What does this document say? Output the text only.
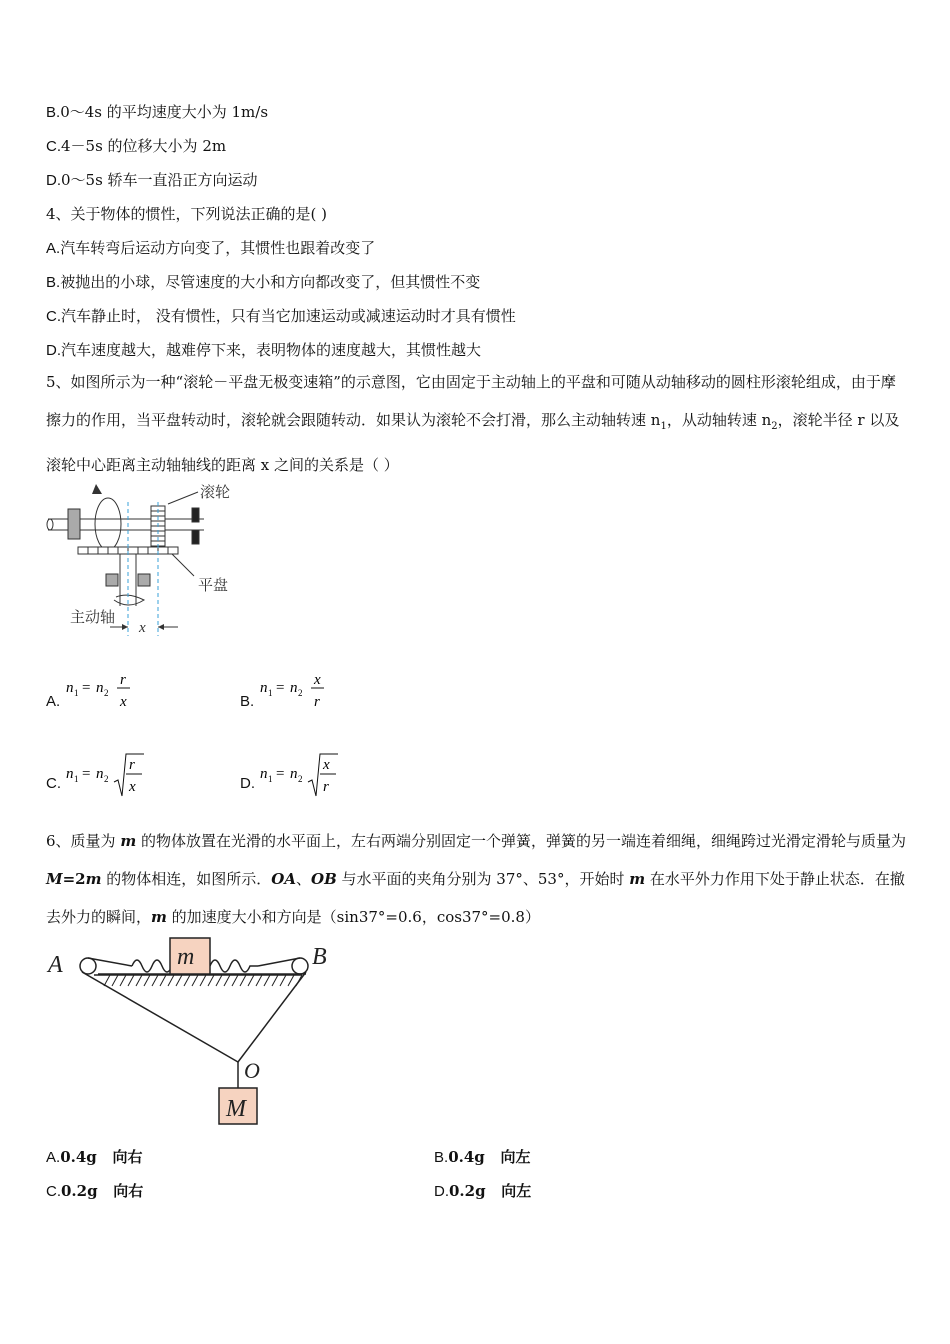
B.0～4s 的平均速度大小为 1m/s
C.4－5s 的位移大小为 2m
D.0～5s 轿车一直沿正方向运动
4、关于物体的惯性，下列说法正确的是( )
A.汽车转弯后运动方向变了，其惯性也跟着改变了
B.被抛出的小球，尽管速度的大小和方向都改变了，但其惯性不变
C.汽车静止时， 没有惯性，只有当它加速运动或减速运动时才具有惯性
D.汽车速度越大，越难停下来，表明物体的速度越大，其惯性越大
5、如图所示为一种“滚轮－平盘无极变速箱”的示意图，它由固定于主动轴上的平盘和可随从动轴移动的圆柱形滚轮组成，由于摩擦力的作用，当平盘转动时，滚轮就会跟随转动．如果认为滚轮不会打滑，那么主动轴转速 $n_1$，从动轴转速 $n_2$，滚轮半径 r 以及滚轮中心距离主动轴轴线的距离 x 之间的关系是（ ）
滚轮
平盘
主动轴
x
A.
n 1 = n 2
r
x	B.
n 1 = n 2
x
r
C.
n 1 = n 2
r
x	D.
n 1 = n 2
x
r
6、质量为 m 的物体放置在光滑的水平面上，左右两端分别固定一个弹簧，弹簧的另一端连着细绳，细绳跨过光滑定滑轮与质量为 M=2m 的物体相连，如图所示．OA、OB 与水平面的夹角分别为 37°、53°，开始时 m 在水平外力作用下处于静止状态．在撤去外力的瞬间，m 的加速度大小和方向是（sin37°=0.6，cos37°=0.8）
A	B
m
O
M
A.0.4g   向右	B.0.4g   向左
C.0.2g   向右	D.0.2g   向左
